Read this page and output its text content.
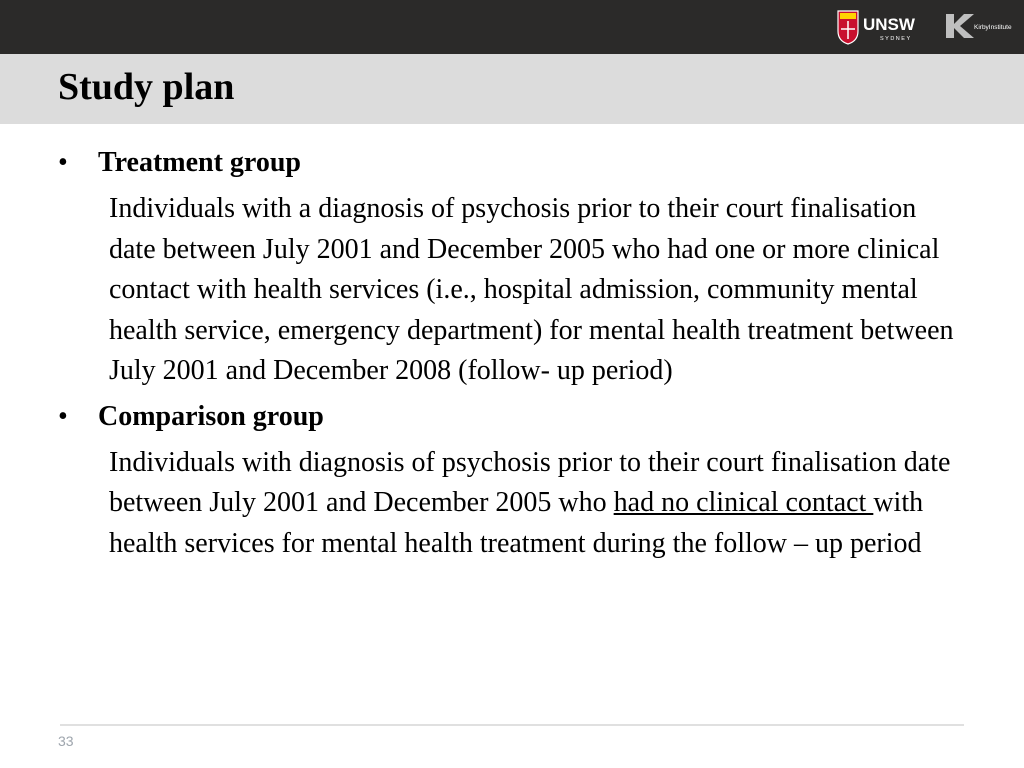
UNSW
SYDNEY
KirbyInstitute
Study plan
• Treatment group
Individuals with a diagnosis of psychosis prior to their court finalisation date between July 2001 and December 2005 who had one or more clinical contact with health services (i.e., hospital admission, community mental health service, emergency department) for mental health treatment between July 2001 and December 2008 (follow- up period)
• Comparison group
Individuals with diagnosis of psychosis prior to their court finalisation date between July 2001 and December 2005 who had no clinical contact with health services for mental health treatment during the follow – up period
33
